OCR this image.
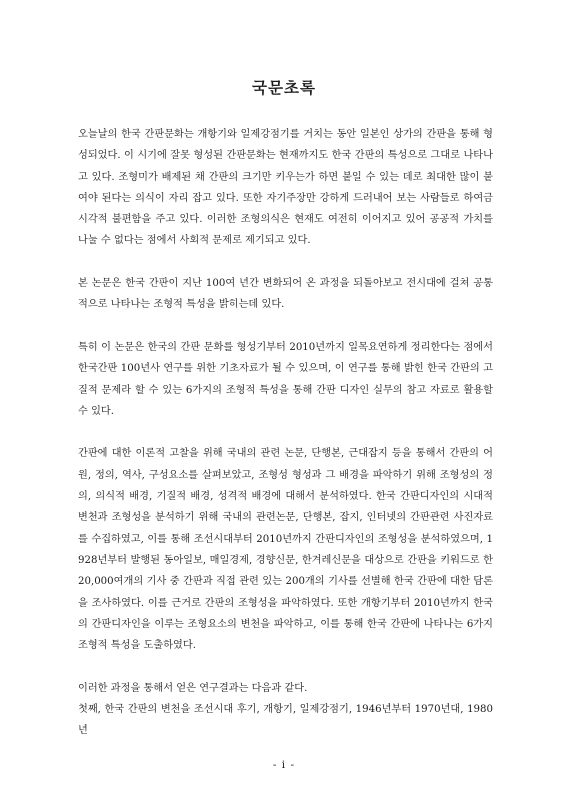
국문초록

오늘날의 한국 간판문화는 개항기와 일제강점기를 거치는 동안 일본인 상가의 간판을 통해 형성되었다. 이 시기에 잘못 형성된 간판문화는 현재까지도 한국 간판의 특성으로 그대로 나타나고 있다. 조형미가 배제된 채 간판의 크기만 키우는가 하면 붙일 수 있는 데로 최대한 많이 붙여야 된다는 의식이 자리 잡고 있다. 또한 자기주장만 강하게 드러내어 보는 사람들로 하여금 시각적 불편함을 주고 있다. 이러한 조형의식은 현재도 여전히 이어지고 있어 공공적 가치를 나눌 수 없다는 점에서 사회적 문제로 제기되고 있다.

본 논문은 한국 간판이 지난 100여 년간 변화되어 온 과정을 되돌아보고 전시대에 걸쳐 공통적으로 나타나는 조형적 특성을 밝히는데 있다.

특히 이 논문은 한국의 간판 문화를 형성기부터 2010년까지 일목요연하게 정리한다는 점에서 한국간판 100년사 연구를 위한 기초자료가 될 수 있으며, 이 연구를 통해 밝힌 한국 간판의 고질적 문제라 할 수 있는 6가지의 조형적 특성을 통해 간판 디자인 실무의 참고 자료로 활용할 수 있다.

간판에 대한 이론적 고찰을 위해 국내의 관련 논문, 단행본, 근대잡지 등을 통해서 간판의 어원, 정의, 역사, 구성요소를 살펴보았고, 조형성 형성과 그 배경을 파악하기 위해 조형성의 정의, 의식적 배경, 기질적 배경, 성격적 배경에 대해서 분석하였다. 한국 간판디자인의 시대적 변천과 조형성을 분석하기 위해 국내의 관련논문, 단행본, 잡지, 인터넷의 간판관련 사진자료를 수집하였고, 이를 통해 조선시대부터 2010년까지 간판디자인의 조형성을 분석하였으며, 1928년부터 발행된 동아일보, 매일경제, 경향신문, 한겨레신문을 대상으로 간판을 키워드로 한 20,000여개의 기사 중 간판과 직접 관련 있는 200개의 기사를 선별해 한국 간판에 대한 담론을 조사하였다. 이를 근거로 간판의 조형성을 파악하였다. 또한 개항기부터 2010년까지 한국의 간판디자인을 이루는 조형요소의 변천을 파악하고, 이를 통해 한국 간판에 나타나는 6가지 조형적 특성을 도출하였다.

이러한 과정을 통해서 얻은 연구결과는 다음과 같다.

첫째, 한국 간판의 변천을 조선시대 후기, 개항기, 일제강점기, 1946년부터 1970년대, 1980년

- i -
